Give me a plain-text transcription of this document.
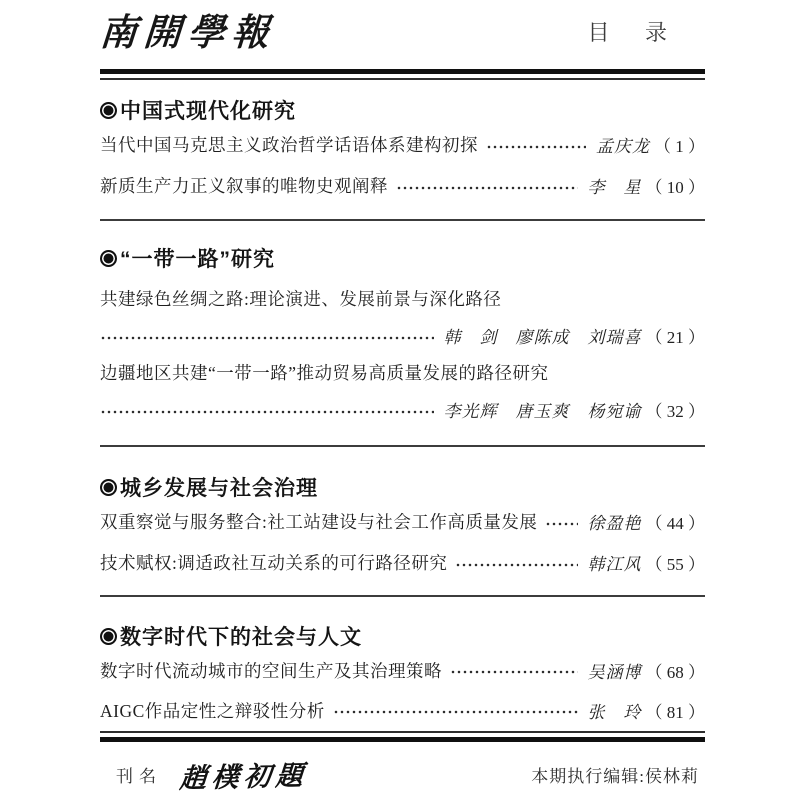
南開學報	目 录
中国式现代化研究
当代中国马克思主义政治哲学话语体系建构初探	孟庆龙 （ 1 ）
新质生产力正义叙事的唯物史观阐释	李　星 （ 10 ）
“一带一路”研究
共建绿色丝绸之路:理论演进、发展前景与深化路径
韩　剑　廖陈成　刘瑞喜 （ 21 ）
边疆地区共建“一带一路”推动贸易高质量发展的路径研究
李光辉　唐玉爽　杨宛谕 （ 32 ）
城乡发展与社会治理
双重察觉与服务整合:社工站建设与社会工作高质量发展	徐盈艳 （ 44 ）
技术赋权:调适政社互动关系的可行路径研究	韩江风 （ 55 ）
数字时代下的社会与人文
数字时代流动城市的空间生产及其治理策略	吴涵博 （ 68 ）
AIGC作品定性之辩驳性分析	张　玲 （ 81 ）
刊名 趙樸初題	本期执行编辑:侯林莉
